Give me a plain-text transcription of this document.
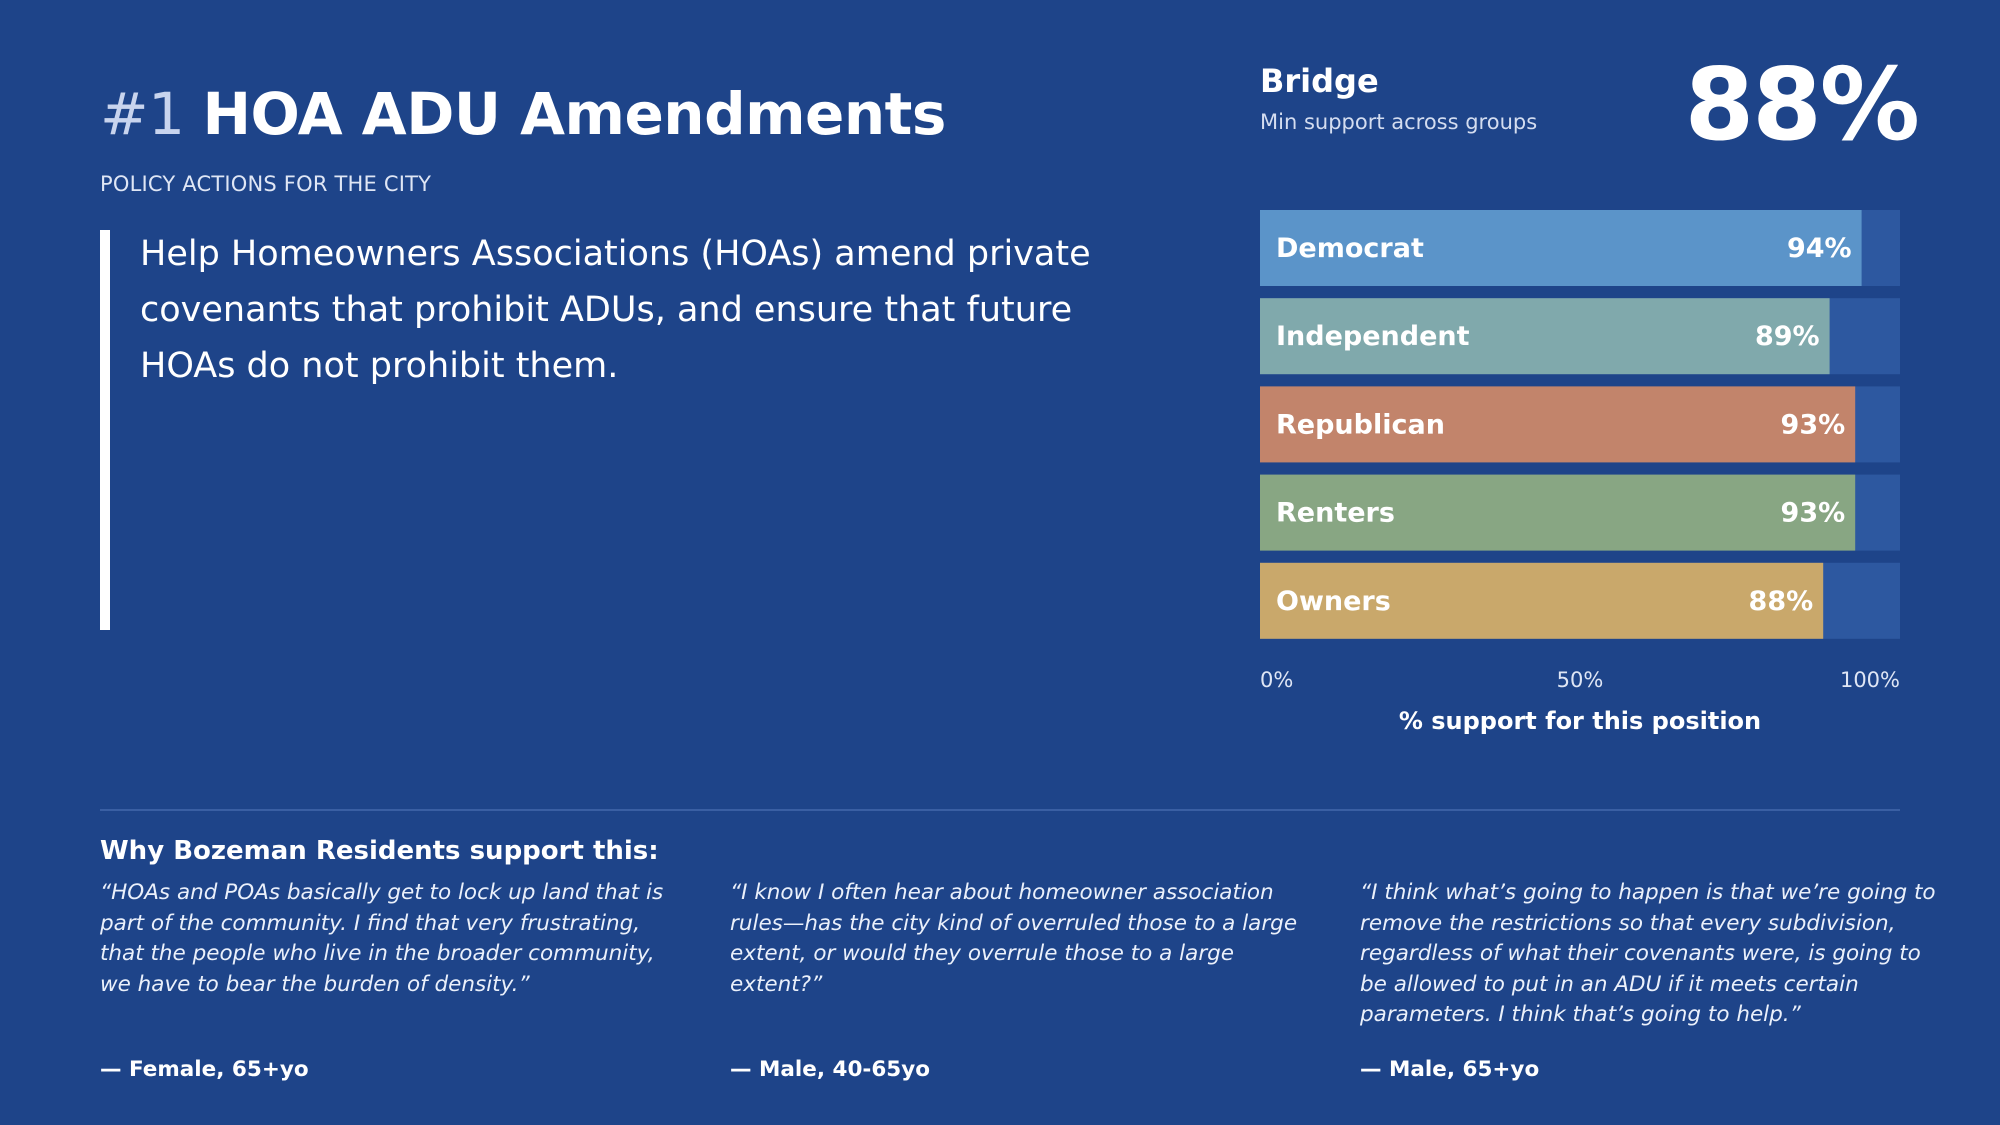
#1 HOA ADU Amendments
POLICY ACTIONS FOR THE CITY
Help Homeowners Associations (HOAs) amend private covenants that prohibit ADUs, and ensure that future HOAs do not prohibit them.
Bridge
Min support across groups 88%
Democrat	94%
Independent	89%
Republican	93%
Renters	93%
Owners	88%
0%	50%	100%
% support for this position
Why Bozeman Residents support this:
“HOAs and POAs basically get to lock up land that is part of the community. I find that very frustrating, that the people who live in the broader community, we have to bear the burden of density.”
“I know I often hear about homeowner association rules—has the city kind of overruled those to a large extent, or would they overrule those to a large extent?”
“I think what’s going to happen is that we’re going to remove the restrictions so that every subdivision, regardless of what their covenants were, is going to be allowed to put in an ADU if it meets certain parameters. I think that’s going to help.”
— Female, 65+yo	— Male, 40-65yo	— Male, 65+yo
